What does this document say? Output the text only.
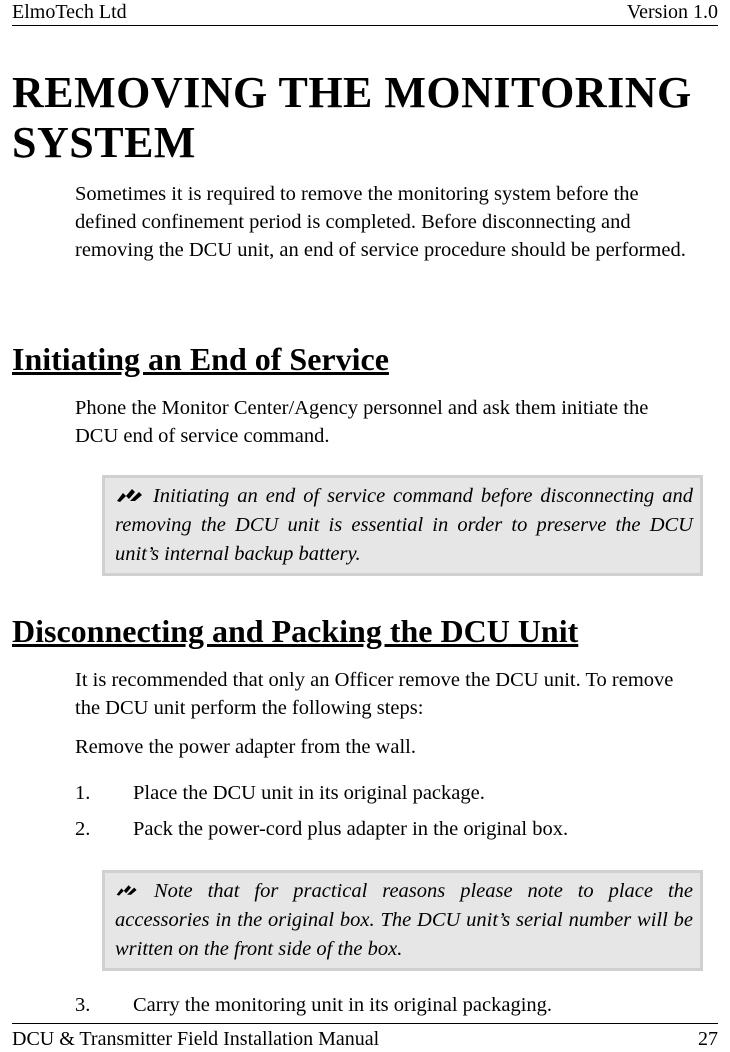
ElmoTech Ltd	Version 1.0
REMOVING THE MONITORING SYSTEM
Sometimes it is required to remove the monitoring system before the defined confinement period is completed. Before disconnecting and removing the DCU unit, an end of service procedure should be performed.
Initiating an End of Service
Phone the Monitor Center/Agency personnel and ask them initiate the DCU end of service command.
Initiating an end of service command before disconnecting and removing the DCU unit is essential in order to preserve the DCU unit’s internal backup battery.
Disconnecting and Packing the DCU Unit
It is recommended that only an Officer remove the DCU unit. To remove the DCU unit perform the following steps:
Remove the power adapter from the wall.
1. Place the DCU unit in its original package.
2. Pack the power-cord plus adapter in the original box.
Note that for practical reasons please note to place the accessories in the original box. The DCU unit’s serial number will be written on the front side of the box.
3. Carry the monitoring unit in its original packaging.
DCU & Transmitter Field Installation Manual	27
